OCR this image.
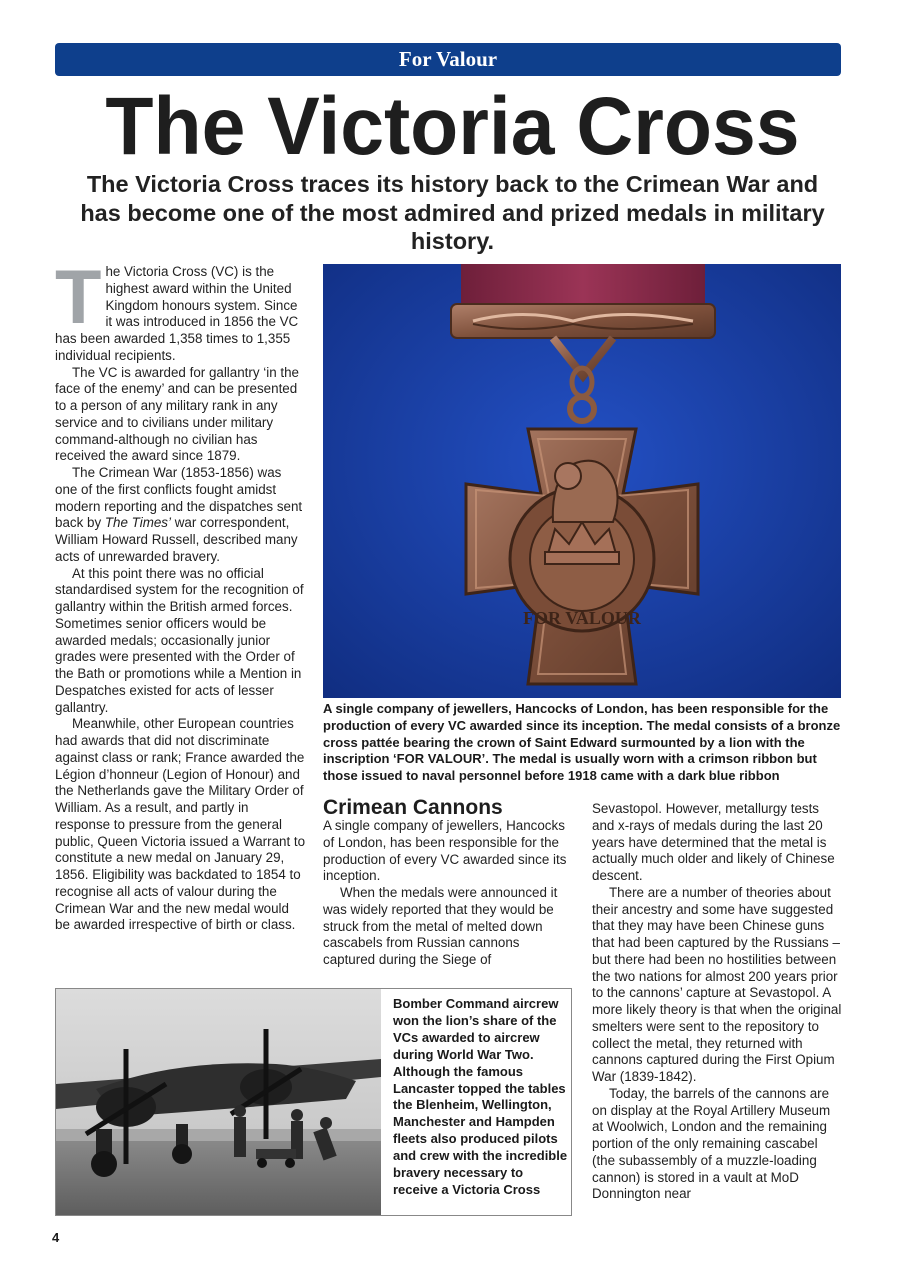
For Valour
The Victoria Cross
The Victoria Cross traces its history back to the Crimean War and has become one of the most admired and prized medals in military history.

The Victoria Cross (VC) is the highest award within the United Kingdom honours system. Since it was introduced in 1856 the VC has been awarded 1,358 times to 1,355 individual recipients.

The VC is awarded for gallantry ‘in the face of the enemy’ and can be presented to a person of any military rank in any service and to civilians under military command-although no civilian has received the award since 1879.

The Crimean War (1853-1856) was one of the first conflicts fought amidst modern reporting and the dispatches sent back by The Times’ war correspondent, William Howard Russell, described many acts of unrewarded bravery.

At this point there was no official standardised system for the recognition of gallantry within the British armed forces. Sometimes senior officers would be awarded medals; occasionally junior grades were presented with the Order of the Bath or promotions while a Mention in Despatches existed for acts of lesser gallantry.

Meanwhile, other European countries had awards that did not discriminate against class or rank; France awarded the Légion d’honneur (Legion of Honour) and the Netherlands gave the Military Order of William. As a result, and partly in response to pressure from the general public, Queen Victoria issued a Warrant to constitute a new medal on January 29, 1856. Eligibility was backdated to 1854 to recognise all acts of valour during the Crimean War and the new medal would be awarded irrespective of birth or class.

FOR VALOUR
A single company of jewellers, Hancocks of London, has been responsible for the production of every VC awarded since its inception. The medal consists of a bronze cross pattée bearing the crown of Saint Edward surmounted by a lion with the inscription ‘FOR VALOUR’. The medal is usually worn with a crimson ribbon but those issued to naval personnel before 1918 came with a dark blue ribbon
Crimean Cannons

A single company of jewellers, Hancocks of London, has been responsible for the production of every VC awarded since its inception.

When the medals were announced it was widely reported that they would be struck from the metal of melted down cascabels from Russian cannons captured during the Siege of

Sevastopol. However, metallurgy tests and x-rays of medals during the last 20 years have determined that the metal is actually much older and likely of Chinese descent.

There are a number of theories about their ancestry and some have suggested that they may have been Chinese guns that had been captured by the Russians – but there had been no hostilities between the two nations for almost 200 years prior to the cannons’ capture at Sevastopol. A more likely theory is that when the original smelters were sent to the repository to collect the metal, they returned with cannons captured during the First Opium War (1839-1842).

Today, the barrels of the cannons are on display at the Royal Artillery Museum at Woolwich, London and the remaining portion of the only remaining cascabel (the subassembly of a muzzle-loading cannon) is stored in a vault at MoD Donnington near

Bomber Command aircrew won the lion’s share of the VCs awarded to aircrew during World War Two. Although the famous Lancaster topped the tables the Blenheim, Wellington, Manchester and Hampden fleets also produced pilots and crew with the incredible bravery necessary to receive a Victoria Cross
4
